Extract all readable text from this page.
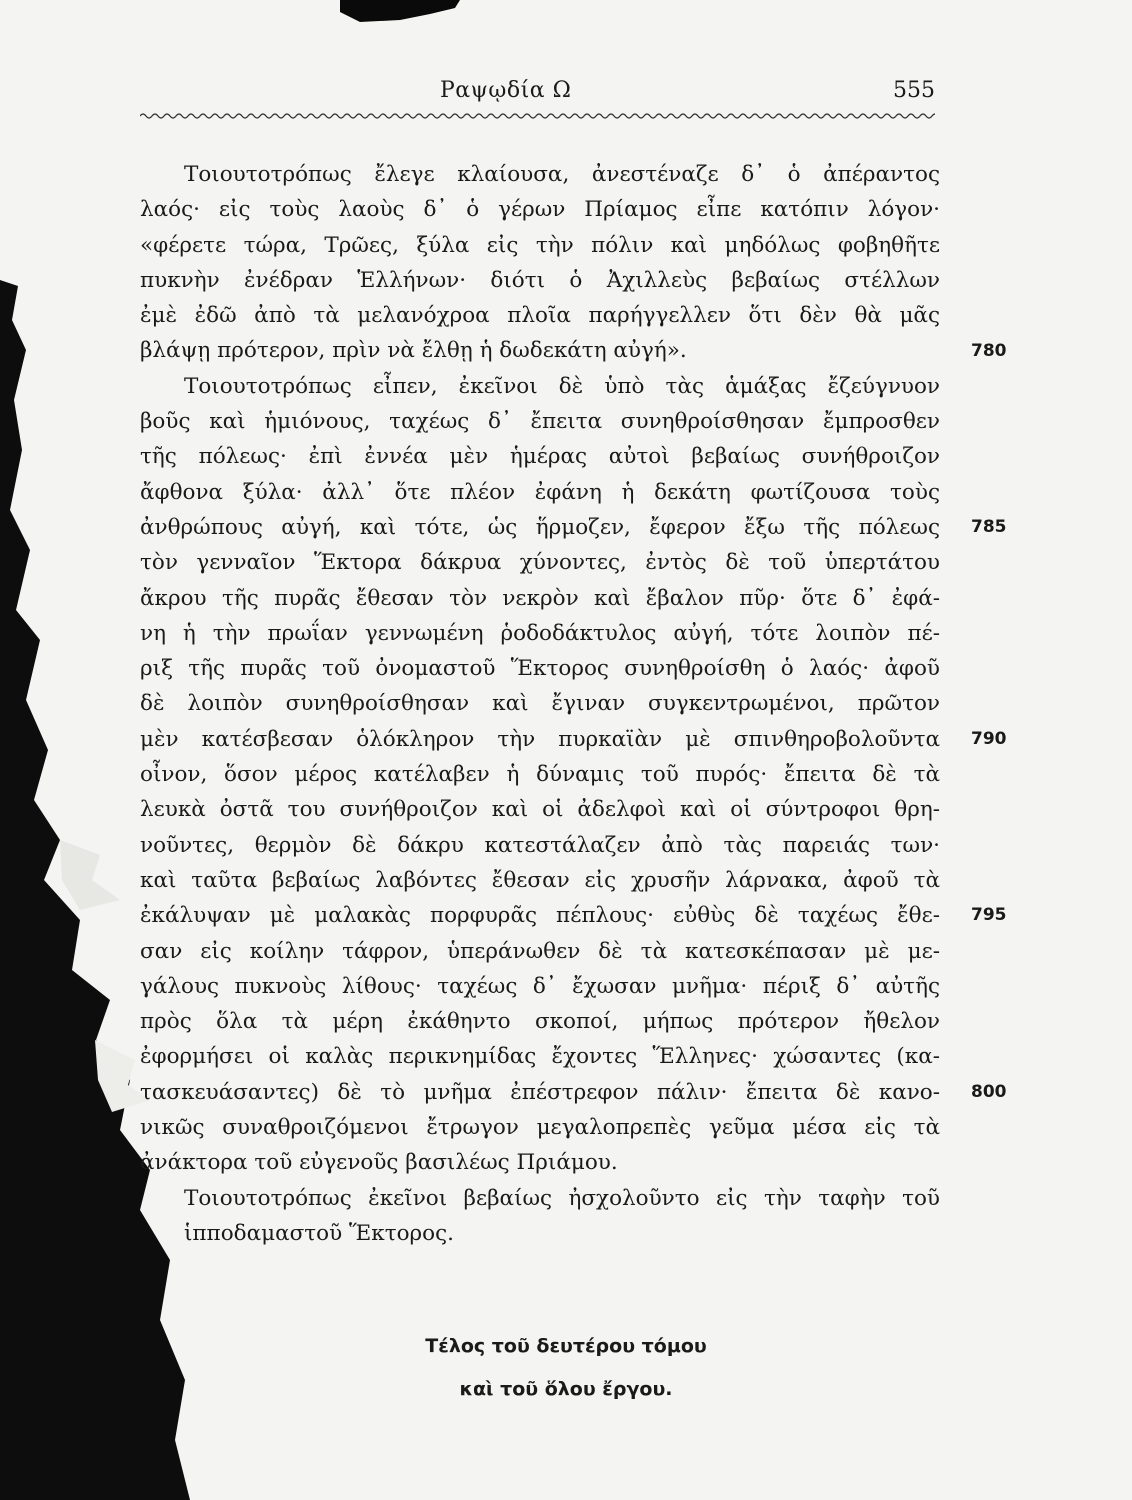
Ραψῳδία Ω	555
Τοιουτοτρόπως ἔλεγε κλαίουσα, ἀνεστέναζε δ᾿ ὁ ἀπέραντος
λαός· εἰς τοὺς λαοὺς δ᾿ ὁ γέρων Πρίαμος εἶπε κατόπιν λόγον·
«φέρετε τώρα, Τρῶες, ξύλα εἰς τὴν πόλιν καὶ μηδόλως φοβηθῆτε
πυκνὴν ἐνέδραν Ἑλλήνων· διότι ὁ Ἀχιλλεὺς βεβαίως στέλλων
ἐμὲ ἐδῶ ἀπὸ τὰ μελανόχροα πλοῖα παρήγγελλεν ὅτι δὲν θὰ μᾶς
βλάψῃ πρότερον, πρὶν νὰ ἔλθῃ ἡ δωδεκάτη αὐγή».
Τοιουτοτρόπως εἶπεν, ἐκεῖνοι δὲ ὑπὸ τὰς ἁμάξας ἔζεύγνυον
βοῦς καὶ ἡμιόνους, ταχέως δ᾿ ἔπειτα συνηθροίσθησαν ἔμπροσθεν
τῆς πόλεως· ἐπὶ ἐννέα μὲν ἡμέρας αὐτοὶ βεβαίως συνήθροιζον
ἄφθονα ξύλα· ἀλλ᾿ ὅτε πλέον ἐφάνη ἡ δεκάτη φωτίζουσα τοὺς
ἀνθρώπους αὐγή, καὶ τότε, ὡς ἥρμοζεν, ἔφερον ἔξω τῆς πόλεως
τὸν γενναῖον Ἕκτορα δάκρυα χύνοντες, ἐντὸς δὲ τοῦ ὑπερτάτου
ἄκρου τῆς πυρᾶς ἔθεσαν τὸν νεκρὸν καὶ ἔβαλον πῦρ· ὅτε δ᾿ ἐφά-
νη ἡ τὴν πρωΐαν γεννωμένη ῥοδοδάκτυλος αὐγή, τότε λοιπὸν πέ-
ριξ τῆς πυρᾶς τοῦ ὀνομαστοῦ Ἕκτορος συνηθροίσθη ὁ λαός· ἀφοῦ
δὲ λοιπὸν συνηθροίσθησαν καὶ ἔγιναν συγκεντρωμένοι, πρῶτον
μὲν κατέσβεσαν ὁλόκληρον τὴν πυρκαϊὰν μὲ σπινθηροβολοῦντα
οἶνον, ὅσον μέρος κατέλαβεν ἡ δύναμις τοῦ πυρός· ἔπειτα δὲ τὰ
λευκὰ ὀστᾶ του συνήθροιζον καὶ οἱ ἀδελφοὶ καὶ οἱ σύντροφοι θρη-
νοῦντες, θερμὸν δὲ δάκρυ κατεστάλαζεν ἀπὸ τὰς παρειάς των·
καὶ ταῦτα βεβαίως λαβόντες ἔθεσαν εἰς χρυσῆν λάρνακα, ἀφοῦ τὰ
ἐκάλυψαν μὲ μαλακὰς πορφυρᾶς πέπλους· εὐθὺς δὲ ταχέως ἔθε-
σαν εἰς κοίλην τάφρον, ὑπεράνωθεν δὲ τὰ κατεσκέπασαν μὲ με-
γάλους πυκνοὺς λίθους· ταχέως δ᾿ ἔχωσαν μνῆμα· πέριξ δ᾿ αὐτῆς
πρὸς ὅλα τὰ μέρη ἐκάθηντο σκοποί, μήπως πρότερον ἤθελον
ἐφορμήσει οἱ καλὰς περικνημίδας ἔχοντες Ἕλληνες· χώσαντες (κα-
τασκευάσαντες) δὲ τὸ μνῆμα ἐπέστρεφον πάλιν· ἔπειτα δὲ κανο-
νικῶς συναθροιζόμενοι ἔτρωγον μεγαλοπρεπὲς γεῦμα μέσα εἰς τὰ
ἀνάκτορα τοῦ εὐγενοῦς βασιλέως Πριάμου.
Τοιουτοτρόπως ἐκεῖνοι βεβαίως ἠσχολοῦντο εἰς τὴν ταφὴν τοῦ
ἱπποδαμαστοῦ Ἕκτορος.
780
785
790
795
800
Τέλος τοῦ δευτέρου τόμου
καὶ τοῦ ὅλου ἔργου.
